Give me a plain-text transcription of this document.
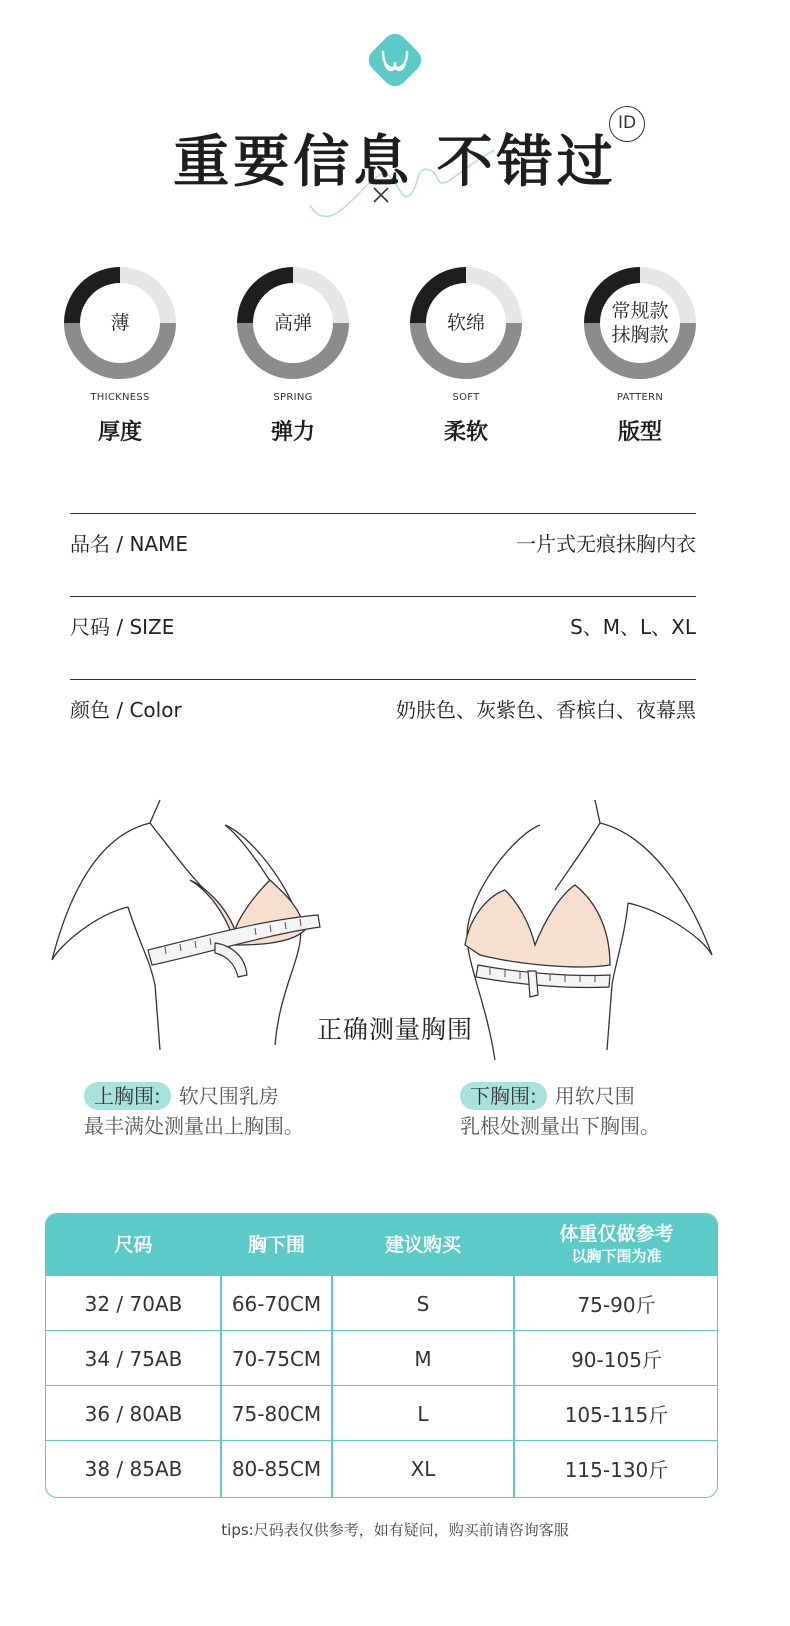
重要信息 不错过
ID
薄
THICKNESS
厚度
高弹
SPRING
弹力
软绵
SOFT
柔软
常规款
抹胸款
PATTERN
版型
品名 / NAME	一片式无痕抹胸内衣
尺码 / SIZE	S、M、L、XL
颜色 / Color	奶肤色、灰紫色、香槟白、夜幕黑
正确测量胸围
上胸围: 软尺围乳房
最丰满处测量出上胸围。
下胸围: 用软尺围
乳根处测量出下胸围。
尺码	胸下围	建议购买	体重仅做参考
以胸下围为准
32 / 70AB	66-70CM	S	75-90斤
34 / 75AB	70-75CM	M	90-105斤
36 / 80AB	75-80CM	L	105-115斤
38 / 85AB	80-85CM	XL	115-130斤
tips:尺码表仅供参考，如有疑问，购买前请咨询客服
